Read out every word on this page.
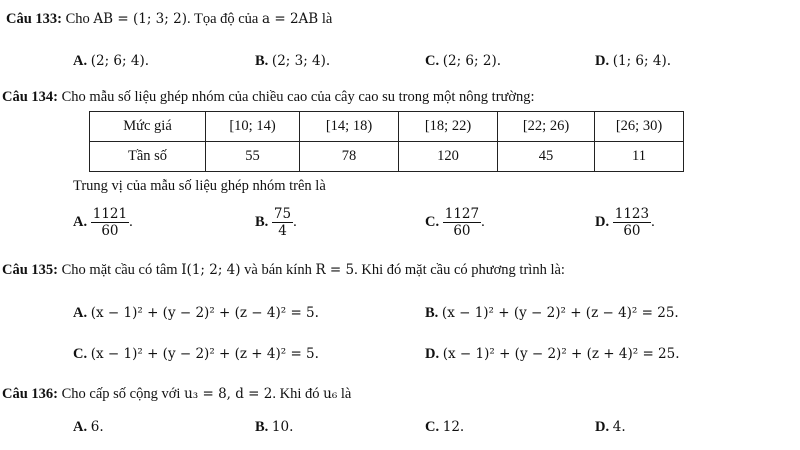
Câu 133: Cho AB = (1; 3; 2). Tọa độ của a = 2AB là
A. (2; 6; 4).	B. (2; 3; 4).	C. (2; 6; 2).	D. (1; 6; 4).
Câu 134: Cho mẫu số liệu ghép nhóm của chiều cao của cây cao su trong một nông trường:
Mức giá	[10; 14)	[14; 18)	[18; 22)	[22; 26)	[26; 30)
Tần số	55	78	120	45	11
Trung vị của mẫu số liệu ghép nhóm trên là
A. $\frac{1121}{60}$ .	B. $\frac{75}{4}$ .	C. $\frac{1127}{60}$ .	D. $\frac{1123}{60}$ .
Câu 135: Cho mặt cầu có tâm I(1; 2; 4) và bán kính R = 5. Khi đó mặt cầu có phương trình là:
A. (x − 1)² + (y − 2)² + (z − 4)² = 5.	B. (x − 1)² + (y − 2)² + (z − 4)² = 25.
C. (x − 1)² + (y − 2)² + (z + 4)² = 5.	D. (x − 1)² + (y − 2)² + (z + 4)² = 25.
Câu 136: Cho cấp số cộng với u₃ = 8, d = 2. Khi đó u₆ là
A. 6.	B. 10.	C. 12.	D. 4.
